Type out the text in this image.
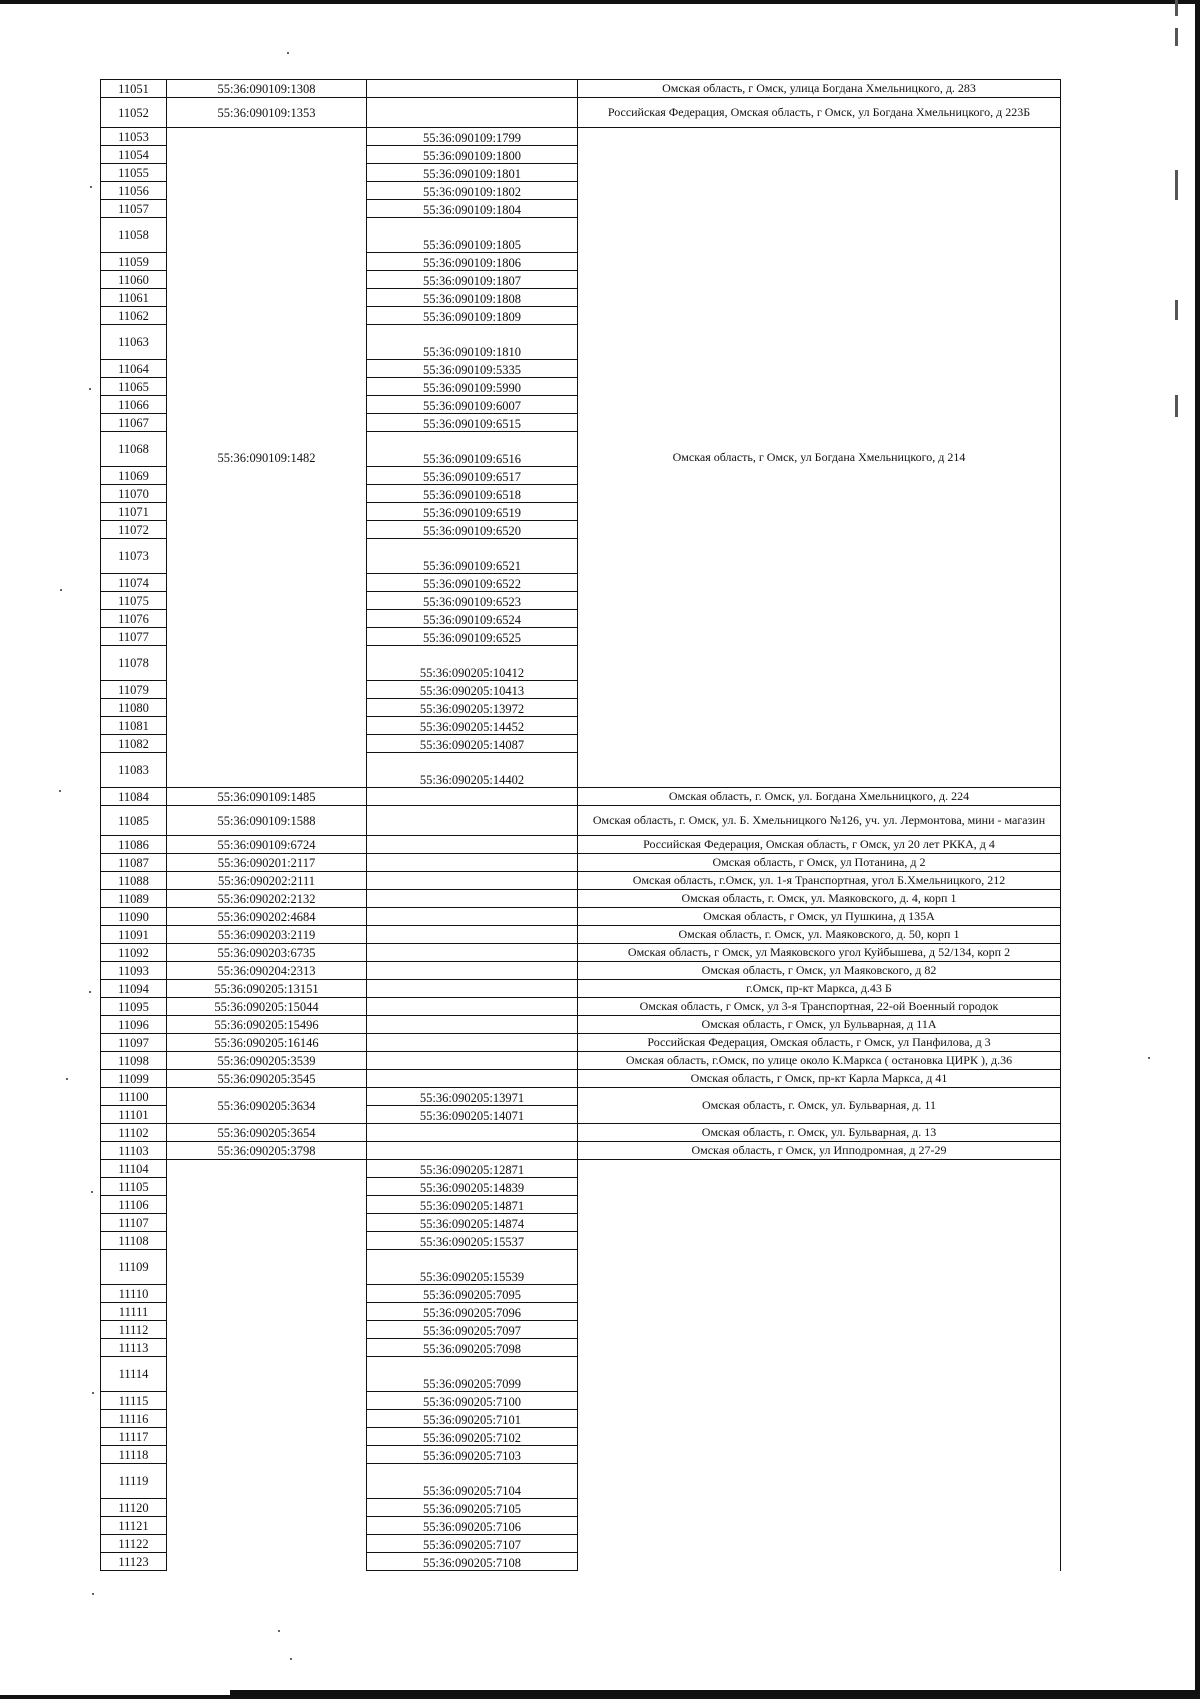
11051	55:36:090109:1308		Омская область, г Омск, улица Богдана Хмельницкого, д. 283
11052	55:36:090109:1353		Российская Федерация, Омская область, г Омск, ул Богдана Хмельницкого, д 223Б
11053	55:36:090109:1482	55:36:090109:1799	Омская область, г Омск, ул Богдана Хмельницкого, д 214
11054		55:36:090109:1800	
11055		55:36:090109:1801	
11056		55:36:090109:1802	
11057		55:36:090109:1804	
11058		55:36:090109:1805	
11059		55:36:090109:1806	
11060		55:36:090109:1807	
11061		55:36:090109:1808	
11062		55:36:090109:1809	
11063		55:36:090109:1810	
11064		55:36:090109:5335	
11065		55:36:090109:5990	
11066		55:36:090109:6007	
11067		55:36:090109:6515	
11068		55:36:090109:6516	
11069		55:36:090109:6517	
11070		55:36:090109:6518	
11071		55:36:090109:6519	
11072		55:36:090109:6520	
11073		55:36:090109:6521	
11074		55:36:090109:6522	
11075		55:36:090109:6523	
11076		55:36:090109:6524	
11077		55:36:090109:6525	
11078		55:36:090205:10412	
11079		55:36:090205:10413	
11080		55:36:090205:13972	
11081		55:36:090205:14452	
11082		55:36:090205:14087	
11083		55:36:090205:14402	
11084	55:36:090109:1485		Омская область, г. Омск, ул. Богдана Хмельницкого, д. 224
11085	55:36:090109:1588		Омская область, г. Омск, ул. Б. Хмельницкого №126, уч. ул. Лермонтова, мини - магазин
11086	55:36:090109:6724		Российская Федерация, Омская область, г Омск, ул 20 лет РККА, д 4
11087	55:36:090201:2117		Омская область, г Омск, ул Потанина, д 2
11088	55:36:090202:2111		Омская область, г.Омск, ул. 1-я Транспортная, угол Б.Хмельницкого, 212
11089	55:36:090202:2132		Омская область, г. Омск, ул. Маяковского, д. 4, корп 1
11090	55:36:090202:4684		Омская область, г Омск, ул Пушкина, д 135А
11091	55:36:090203:2119		Омская область, г. Омск, ул. Маяковского, д. 50, корп 1
11092	55:36:090203:6735		Омская область, г Омск, ул Маяковского угол Куйбышева, д 52/134, корп 2
11093	55:36:090204:2313		Омская область, г Омск, ул Маяковского, д 82
11094	55:36:090205:13151		г.Омск, пр-кт Маркса, д.43 Б
11095	55:36:090205:15044		Омская область, г Омск, ул 3-я Транспортная, 22-ой Военный городок
11096	55:36:090205:15496		Омская область, г Омск, ул Бульварная, д 11А
11097	55:36:090205:16146		Российская Федерация, Омская область, г Омск, ул Панфилова, д 3
11098	55:36:090205:3539		Омская область, г.Омск, по улице около К.Маркса ( остановка ЦИРК ), д.36
11099	55:36:090205:3545		Омская область, г Омск, пр-кт Карла Маркса, д 41
11100	55:36:090205:3634	55:36:090205:13971	Омская область, г. Омск, ул. Бульварная, д. 11
11101		55:36:090205:14071	
11102	55:36:090205:3654		Омская область, г. Омск, ул. Бульварная, д. 13
11103	55:36:090205:3798		Омская область, г Омск, ул Ипподромная, д 27-29
11104		55:36:090205:12871	
11105		55:36:090205:14839	
11106		55:36:090205:14871	
11107		55:36:090205:14874	
11108		55:36:090205:15537	
11109		55:36:090205:15539	
11110		55:36:090205:7095	
11111		55:36:090205:7096	
11112		55:36:090205:7097	
11113		55:36:090205:7098	
11114		55:36:090205:7099	
11115		55:36:090205:7100	
11116		55:36:090205:7101	
11117		55:36:090205:7102	
11118		55:36:090205:7103	
11119		55:36:090205:7104	
11120		55:36:090205:7105	
11121		55:36:090205:7106	
11122		55:36:090205:7107	
11123		55:36:090205:7108	
